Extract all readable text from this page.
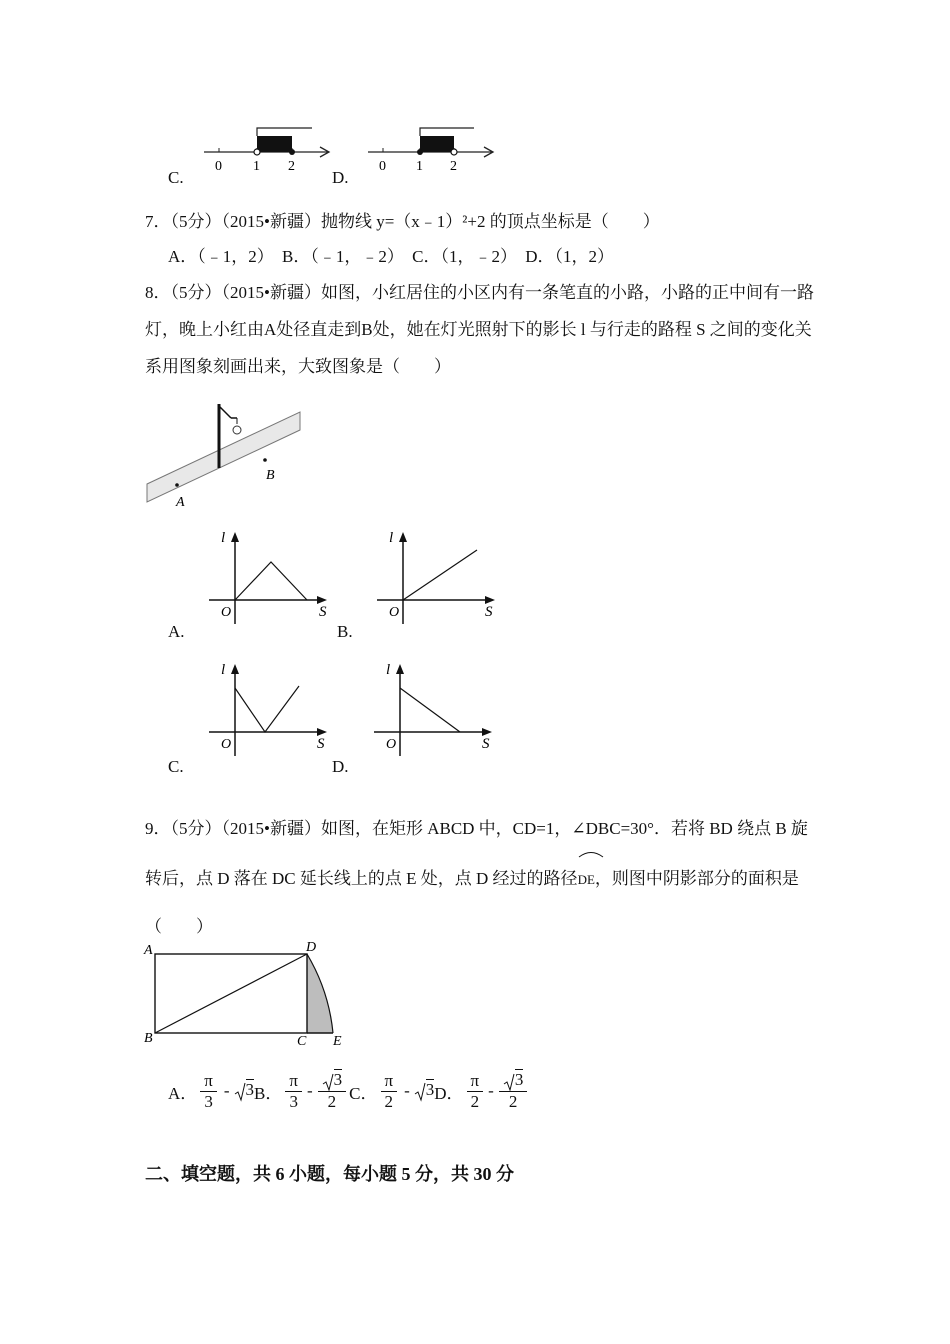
C.
0 1 2
D.
0 1 2
7．（5分）（2015•新疆）抛物线 y=（x﹣1）²+2 的顶点坐标是（　　）
A．（﹣1，2） B．（﹣1，﹣2） C．（1，﹣2） D．（1，2）
8．（5分）（2015•新疆）如图，小红居住的小区内有一条笔直的小路，小路的正中间有一路灯，晚上小红由A处径直走到B处，她在灯光照射下的影长 l 与行走的路程 S 之间的变化关系用图象刻画出来，大致图象是（　　）
A
B
A.
l
O	S
B.
l
O	S
C.
l
O	S
D.
l
O	S
9．（5分）（2015•新疆）如图，在矩形 ABCD 中，CD=1，∠DBC=30°．若将 BD 绕点 B 旋转后，点 D 落在 DC 延长线上的点 E 处，点 D 经过的路径
DE，则图中阴影部分的面积是（　　）
A	D
B	C E
A． $\frac{\pi}{3} - 3$ B． $\frac{\pi}{3} - \frac{3}{2}$ C． $\frac{\pi}{2} - 3$ D． $\frac{\pi}{2} - \frac{3}{2}$
二、填空题，共 6 小题，每小题 5 分，共 30 分
